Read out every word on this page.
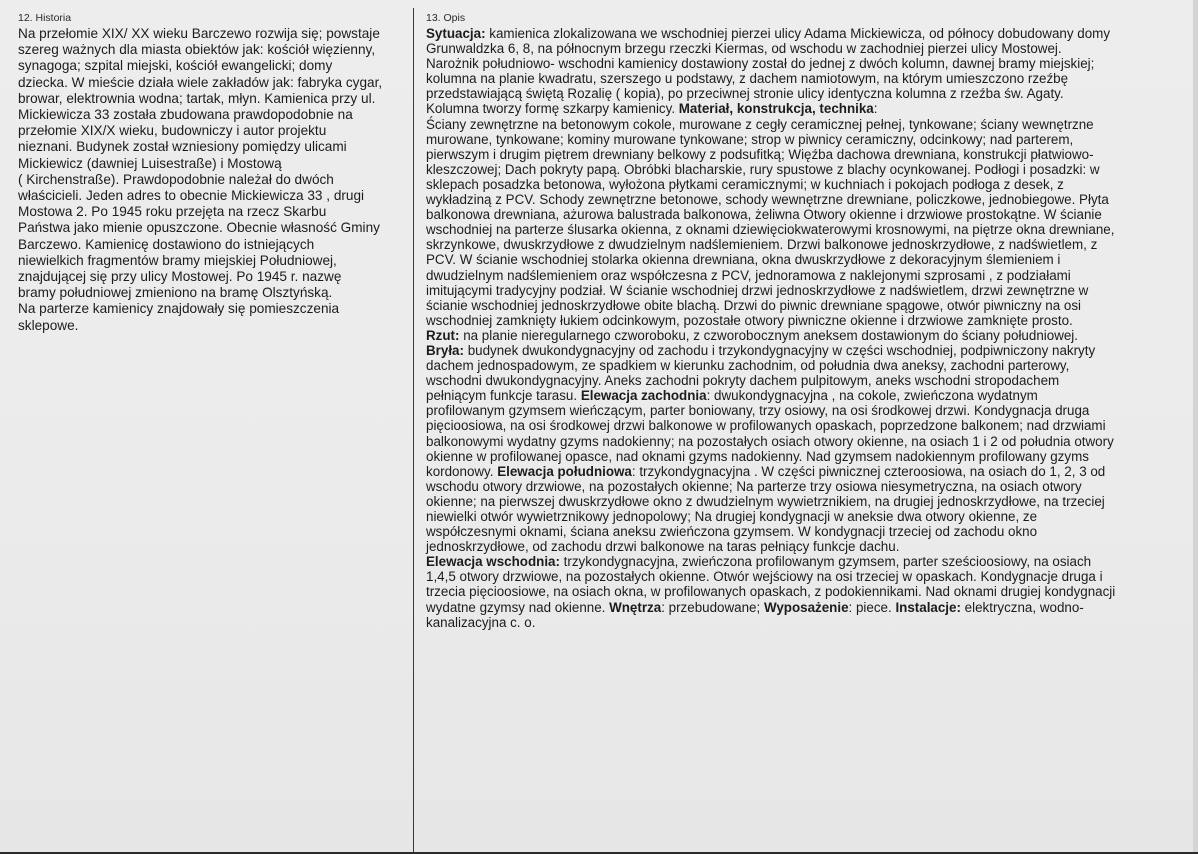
12. Historia
Na przełomie XIX/ XX wieku Barczewo rozwija się; powstaje
szereg ważnych dla miasta obiektów jak: kościół więzienny,
synagoga; szpital miejski, kościół ewangelicki; domy
dziecka. W mieście działa wiele zakładów jak: fabryka cygar,
browar, elektrownia wodna; tartak, młyn. Kamienica przy ul.
Mickiewicza 33 została zbudowana prawdopodobnie na
przełomie XIX/X wieku, budowniczy i autor projektu
nieznani. Budynek został wzniesiony pomiędzy ulicami
Mickiewicz (dawniej Luisestraße) i Mostową
( Kirchenstraße). Prawdopodobnie należał do dwóch
właścicieli. Jeden adres to obecnie Mickiewicza 33 , drugi
Mostowa 2. Po 1945 roku przejęta na rzecz Skarbu
Państwa jako mienie opuszczone. Obecnie własność Gminy
Barczewo. Kamienicę dostawiono do istniejących
niewielkich fragmentów bramy miejskiej Południowej,
znajdującej się przy ulicy Mostowej. Po 1945 r. nazwę
bramy południowej zmieniono na bramę Olsztyńską.
Na parterze kamienicy znajdowały się pomieszczenia
sklepowe.
13. Opis

Sytuacja: kamienica zlokalizowana we wschodniej pierzei ulicy Adama Mickiewicza, od północy dobudowany domy

Grunwaldzka 6, 8, na północnym brzegu rzeczki Kiermas, od wschodu w zachodniej pierzei ulicy Mostowej.

Narożnik południowo- wschodni kamienicy dostawiony został do jednej z dwóch kolumn, dawnej bramy miejskiej;

kolumna na planie kwadratu, szerszego u podstawy, z dachem namiotowym, na którym umieszczono rzeźbę

przedstawiającą świętą Rozalię ( kopia), po przeciwnej stronie ulicy identyczna kolumna z rzeźba św. Agaty.

Kolumna tworzy formę szkarpy kamienicy. Materiał, konstrukcja, technika:

Ściany zewnętrzne na betonowym cokole, murowane z cegły ceramicznej pełnej, tynkowane; ściany wewnętrzne

murowane, tynkowane; kominy murowane tynkowane; strop w piwnicy ceramiczny, odcinkowy; nad parterem,

pierwszym i drugim piętrem drewniany belkowy z podsufitką; Więźba dachowa drewniana, konstrukcji płatwiowo-

kleszczowej; Dach pokryty papą. Obróbki blacharskie, rury spustowe z blachy ocynkowanej. Podłogi i posadzki: w

sklepach posadzka betonowa, wyłożona płytkami ceramicznymi; w kuchniach i pokojach podłoga z desek, z

wykładziną z PCV. Schody zewnętrzne betonowe, schody wewnętrzne drewniane, policzkowe, jednobiegowe. Płyta

balkonowa drewniana, ażurowa balustrada balkonowa, żeliwna Otwory okienne i drzwiowe prostokątne. W ścianie

wschodniej na parterze ślusarka okienna, z oknami dziewięciokwaterowymi krosnowymi, na piętrze okna drewniane,

skrzynkowe, dwuskrzydłowe z dwudzielnym nadślemieniem. Drzwi balkonowe jednoskrzydłowe, z nadświetlem, z

PCV. W ścianie wschodniej stolarka okienna drewniana, okna dwuskrzydłowe z dekoracyjnym ślemieniem i

dwudzielnym nadślemieniem oraz współczesna z PCV, jednoramowa z naklejonymi szprosami , z podziałami

imitującymi tradycyjny podział. W ścianie wschodniej drzwi jednoskrzydłowe z nadświetlem, drzwi zewnętrzne w

ścianie wschodniej jednoskrzydłowe obite blachą. Drzwi do piwnic drewniane spągowe, otwór piwniczny na osi

wschodniej zamknięty łukiem odcinkowym, pozostałe otwory piwniczne okienne i drzwiowe zamknięte prosto.

Rzut: na planie nieregularnego czworoboku, z czworobocznym aneksem dostawionym do ściany południowej.

Bryła: budynek dwukondygnacyjny od zachodu i trzykondygnacyjny w części wschodniej, podpiwniczony nakryty

dachem jednospadowym, ze spadkiem w kierunku zachodnim, od południa dwa aneksy, zachodni parterowy,

wschodni dwukondygnacyjny. Aneks zachodni pokryty dachem pulpitowym, aneks wschodni stropodachem

pełniącym funkcje tarasu. Elewacja zachodnia: dwukondygnacyjna , na cokole, zwieńczona wydatnym

profilowanym gzymsem wieńczącym, parter boniowany, trzy osiowy, na osi środkowej drzwi. Kondygnacja druga

pięcioosiowa, na osi środkowej drzwi balkonowe w profilowanych opaskach, poprzedzone balkonem; nad drzwiami

balkonowymi wydatny gzyms nadokienny; na pozostałych osiach otwory okienne, na osiach 1 i 2 od południa otwory

okienne w profilowanej opasce, nad oknami gzyms nadokienny. Nad gzymsem nadokiennym profilowany gzyms

kordonowy. Elewacja południowa: trzykondygnacyjna . W części piwnicznej czteroosiowa, na osiach do 1, 2, 3 od

wschodu otwory drzwiowe, na pozostałych okienne; Na parterze trzy osiowa niesymetryczna, na osiach otwory

okienne; na pierwszej dwuskrzydłowe okno z dwudzielnym wywietrznikiem, na drugiej jednoskrzydłowe, na trzeciej

niewielki otwór wywietrznikowy jednopolowy; Na drugiej kondygnacji w aneksie dwa otwory okienne, ze

współczesnymi oknami, ściana aneksu zwieńczona gzymsem. W kondygnacji trzeciej od zachodu okno

jednoskrzydłowe, od zachodu drzwi balkonowe na taras pełniący funkcje dachu.

Elewacja wschodnia: trzykondygnacyjna, zwieńczona profilowanym gzymsem, parter sześcioosiowy, na osiach

1,4,5 otwory drzwiowe, na pozostałych okienne. Otwór wejściowy na osi trzeciej w opaskach. Kondygnacje druga i

trzecia pięcioosiowe, na osiach okna, w profilowanych opaskach, z podokiennikami. Nad oknami drugiej kondygnacji

wydatne gzymsy nad okienne. Wnętrza: przebudowane; Wyposażenie: piece. Instalacje: elektryczna, wodno-

kanalizacyjna c. o.
